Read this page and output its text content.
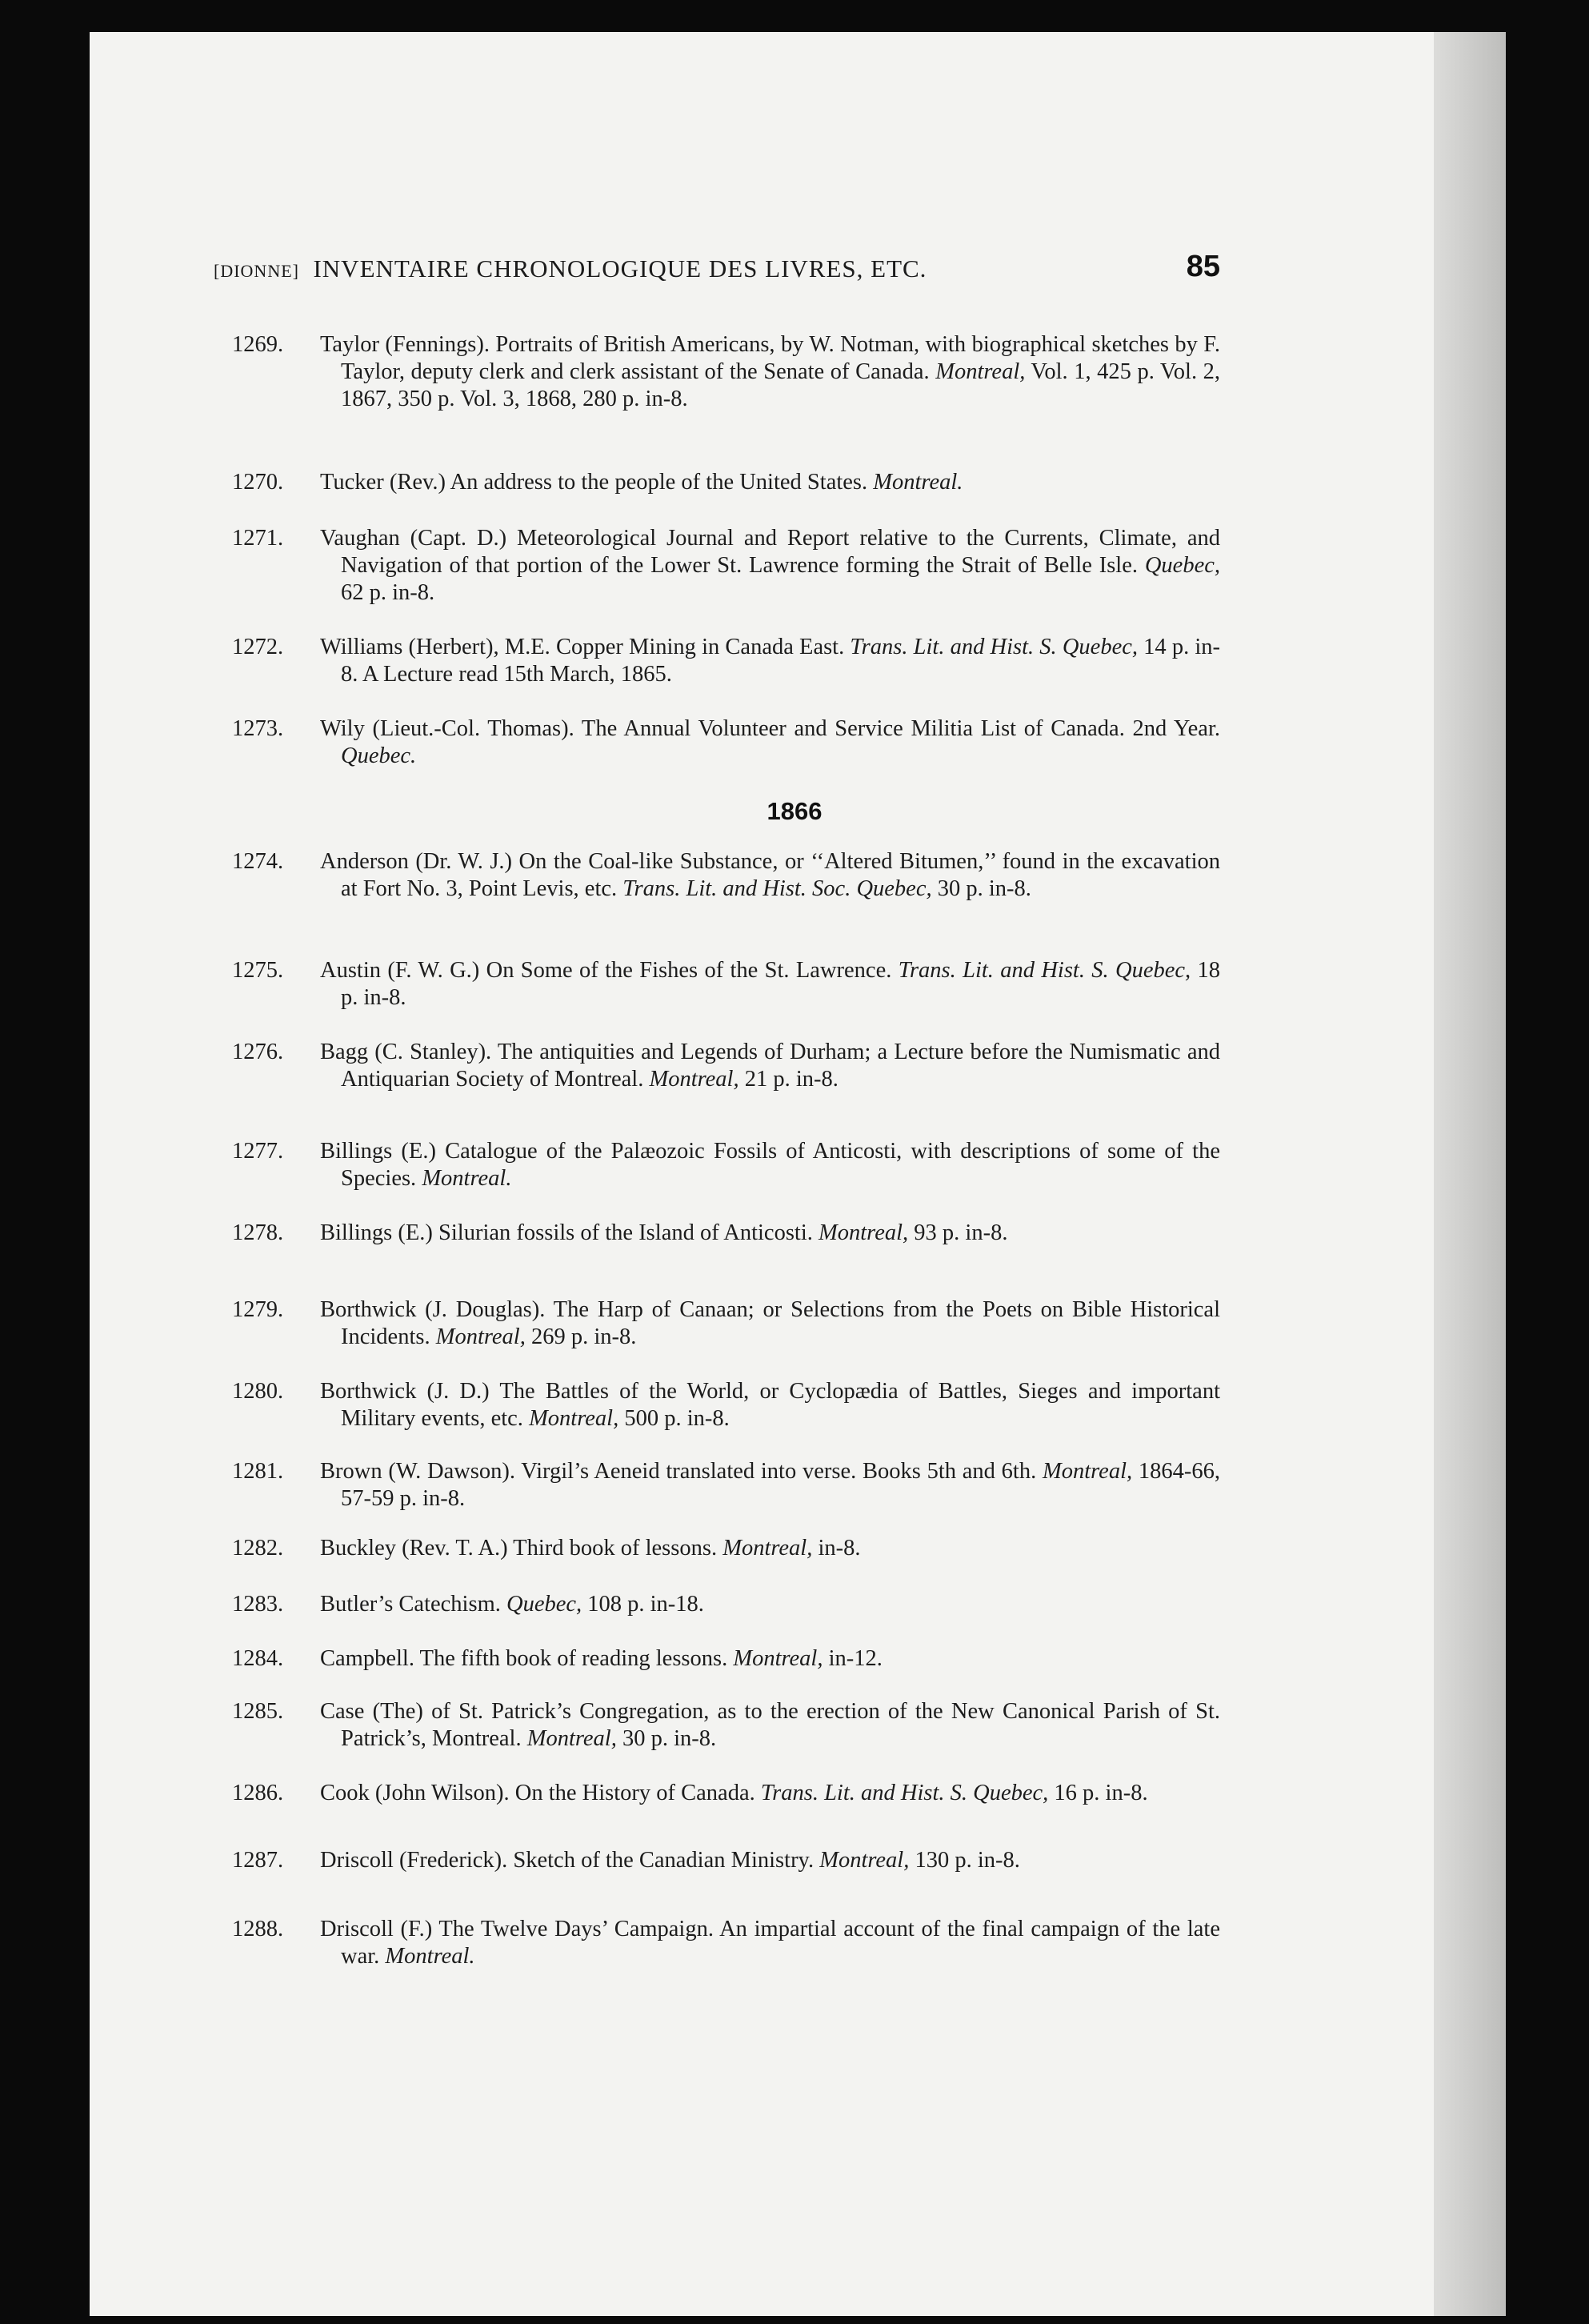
[DIONNE] INVENTAIRE CHRONOLOGIQUE DES LIVRES, ETC.	85
1866
1269.	Taylor (Fennings). Portraits of British Americans, by W. Notman, with biographical sketches by F. Taylor, deputy clerk and clerk assistant of the Senate of Canada. Montreal, Vol. 1, 425 p. Vol. 2, 1867, 350 p. Vol. 3, 1868, 280 p. in-8.
1270.	Tucker (Rev.) An address to the people of the United States. Montreal.
1271.	Vaughan (Capt. D.) Meteorological Journal and Report relative to the Currents, Climate, and Navigation of that portion of the Lower St. Lawrence forming the Strait of Belle Isle. Quebec, 62 p. in-8.
1272.	Williams (Herbert), M.E. Copper Mining in Canada East. Trans. Lit. and Hist. S. Quebec, 14 p. in-8. A Lecture read 15th March, 1865.
1273.	Wily (Lieut.-Col. Thomas). The Annual Volunteer and Service Militia List of Canada. 2nd Year. Quebec.
1274.	Anderson (Dr. W. J.) On the Coal-like Substance, or ‘‘Altered Bitumen,’’ found in the excavation at Fort No. 3, Point Levis, etc. Trans. Lit. and Hist. Soc. Quebec, 30 p. in-8.
1275.	Austin (F. W. G.) On Some of the Fishes of the St. Lawrence. Trans. Lit. and Hist. S. Quebec, 18 p. in-8.
1276.	Bagg (C. Stanley). The antiquities and Legends of Durham; a Lecture before the Numismatic and Antiquarian Society of Montreal. Montreal, 21 p. in-8.
1277.	Billings (E.) Catalogue of the Palæozoic Fossils of Anticosti, with descriptions of some of the Species. Montreal.
1278.	Billings (E.) Silurian fossils of the Island of Anticosti. Montreal, 93 p. in-8.
1279.	Borthwick (J. Douglas). The Harp of Canaan; or Selections from the Poets on Bible Historical Incidents. Montreal, 269 p. in-8.
1280.	Borthwick (J. D.) The Battles of the World, or Cyclopædia of Battles, Sieges and important Military events, etc. Montreal, 500 p. in-8.
1281.	Brown (W. Dawson). Virgil’s Aeneid translated into verse. Books 5th and 6th. Montreal, 1864-66, 57-59 p. in-8.
1282.	Buckley (Rev. T. A.) Third book of lessons. Montreal, in-8.
1283.	Butler’s Catechism. Quebec, 108 p. in-18.
1284.	Campbell. The fifth book of reading lessons. Montreal, in-12.
1285.	Case (The) of St. Patrick’s Congregation, as to the erection of the New Canonical Parish of St. Patrick’s, Montreal. Montreal, 30 p. in-8.
1286.	Cook (John Wilson). On the History of Canada. Trans. Lit. and Hist. S. Quebec, 16 p. in-8.
1287.	Driscoll (Frederick). Sketch of the Canadian Ministry. Montreal, 130 p. in-8.
1288.	Driscoll (F.) The Twelve Days’ Campaign. An impartial account of the final campaign of the late war. Montreal.
